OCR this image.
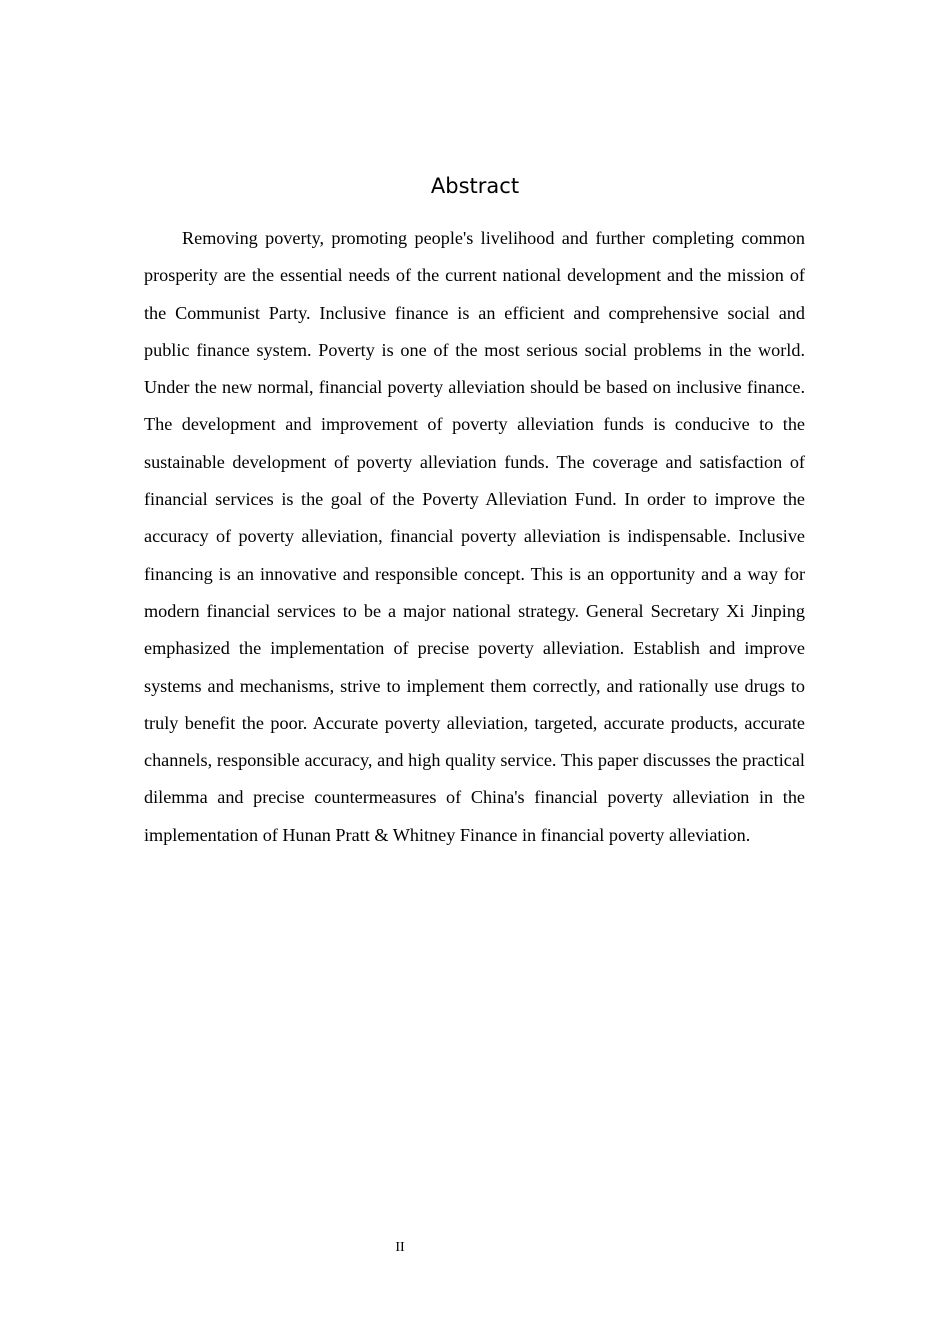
Abstract

Removing poverty, promoting people's livelihood and further completing common prosperity are the essential needs of the current national development and the mission of the Communist Party. Inclusive finance is an efficient and comprehensive social and public finance system. Poverty is one of the most serious social problems in the world. Under the new normal, financial poverty alleviation should be based on inclusive finance. The development and improvement of poverty alleviation funds is conducive to the sustainable development of poverty alleviation funds. The coverage and satisfaction of financial services is the goal of the Poverty Alleviation Fund. In order to improve the accuracy of poverty alleviation, financial poverty alleviation is indispensable. Inclusive financing is an innovative and responsible concept. This is an opportunity and a way for modern financial services to be a major national strategy. General Secretary Xi Jinping emphasized the implementation of precise poverty alleviation. Establish and improve systems and mechanisms, strive to implement them correctly, and rationally use drugs to truly benefit the poor. Accurate poverty alleviation, targeted, accurate products, accurate channels, responsible accuracy, and high quality service. This paper discusses the practical dilemma and precise countermeasures of China's financial poverty alleviation in the implementation of Hunan Pratt & Whitney Finance in financial poverty alleviation.

II
